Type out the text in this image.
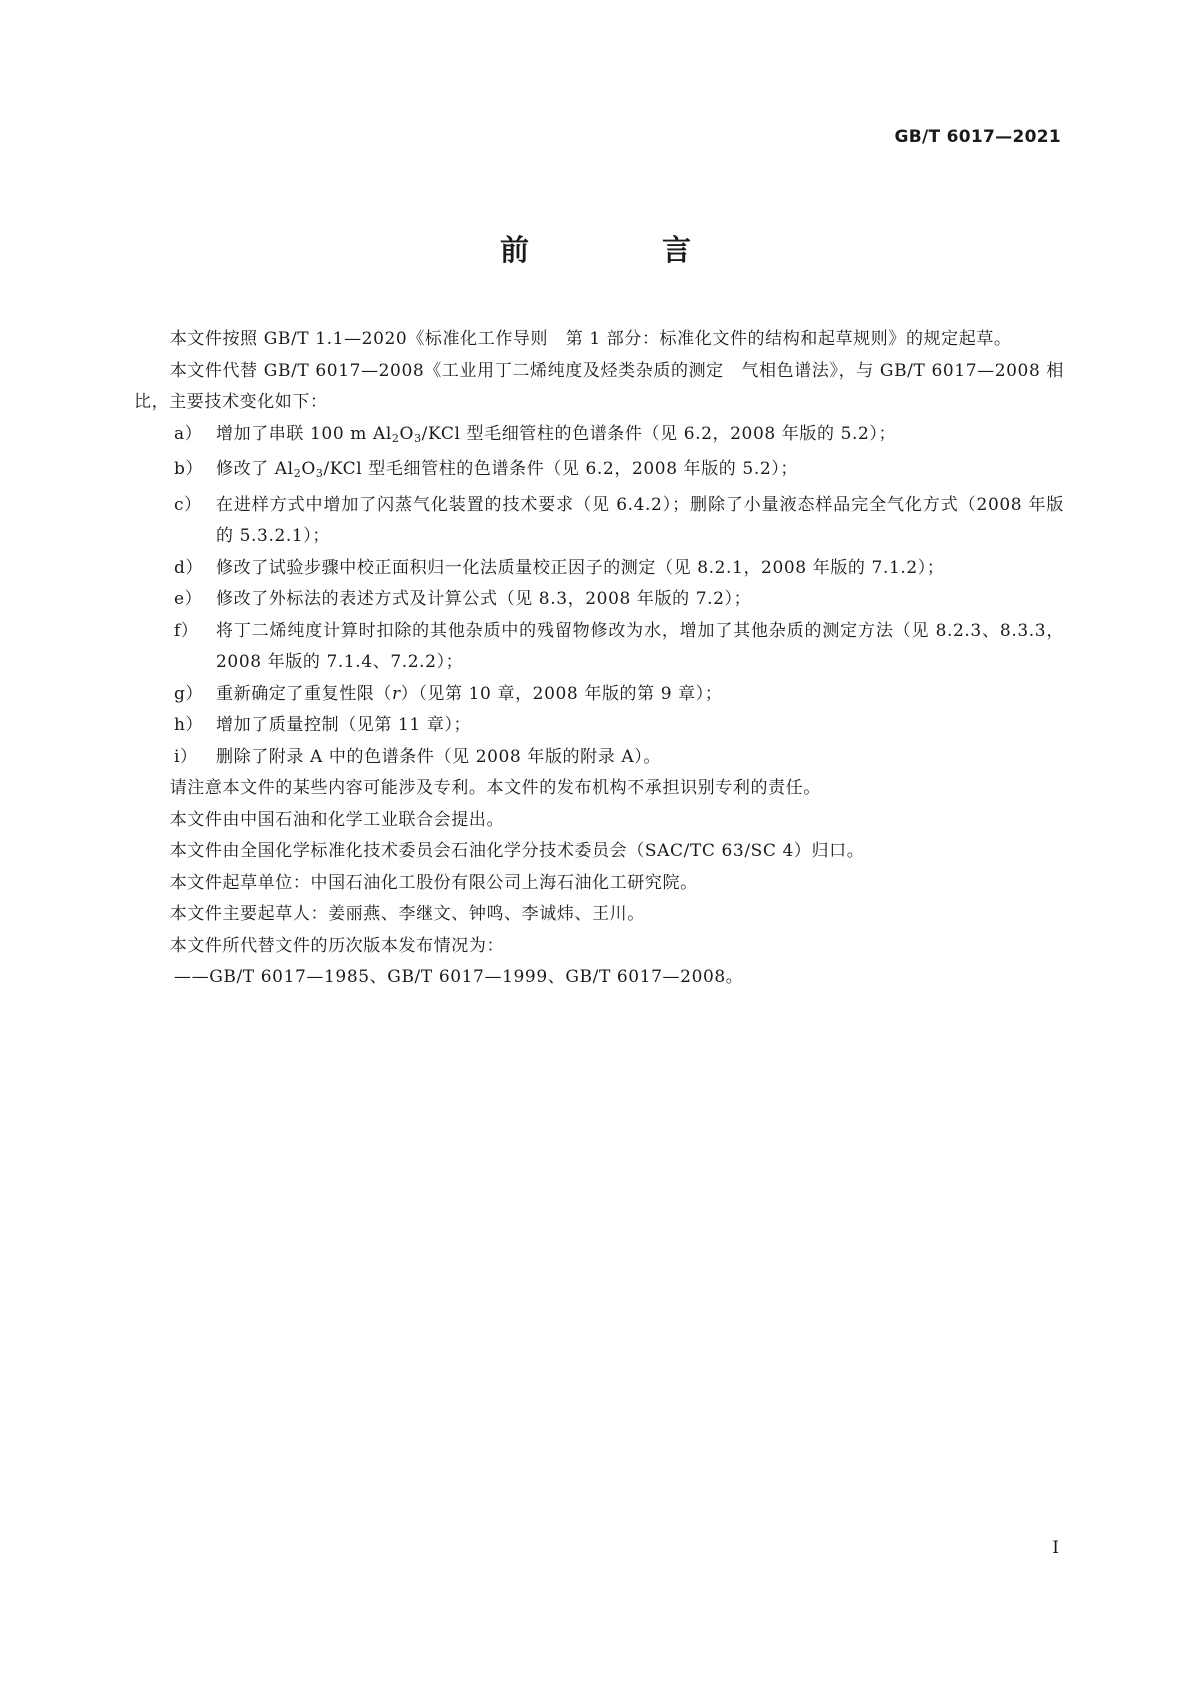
GB/T 6017—2021
前　言

本文件按照 GB/T 1.1—2020《标准化工作导则　第 1 部分：标准化文件的结构和起草规则》的规定起草。

本文件代替 GB/T 6017—2008《工业用丁二烯纯度及烃类杂质的测定　气相色谱法》，与 GB/T 6017—2008 相比，主要技术变化如下：

a） 增加了串联 100 m $Al_2O_3$/KCl 型毛细管柱的色谱条件（见 6.2，2008 年版的 5.2）；

b） 修改了 $Al_2O_3$/KCl 型毛细管柱的色谱条件（见 6.2，2008 年版的 5.2）；

c） 在进样方式中增加了闪蒸气化装置的技术要求（见 6.4.2）；删除了小量液态样品完全气化方式（2008 年版的 5.3.2.1）；

d） 修改了试验步骤中校正面积归一化法质量校正因子的测定（见 8.2.1，2008 年版的 7.1.2）；

e） 修改了外标法的表述方式及计算公式（见 8.3，2008 年版的 7.2）；

f） 将丁二烯纯度计算时扣除的其他杂质中的残留物修改为水，增加了其他杂质的测定方法（见 8.2.3、8.3.3，2008 年版的 7.1.4、7.2.2）；

g） 重新确定了重复性限（r）（见第 10 章，2008 年版的第 9 章）；

h） 增加了质量控制（见第 11 章）；

i） 删除了附录 A 中的色谱条件（见 2008 年版的附录 A）。

请注意本文件的某些内容可能涉及专利。本文件的发布机构不承担识别专利的责任。

本文件由中国石油和化学工业联合会提出。

本文件由全国化学标准化技术委员会石油化学分技术委员会（SAC/TC 63/SC 4）归口。

本文件起草单位：中国石油化工股份有限公司上海石油化工研究院。

本文件主要起草人：姜丽燕、李继文、钟鸣、李诚炜、王川。

本文件所代替文件的历次版本发布情况为：

——GB/T 6017—1985、GB/T 6017—1999、GB/T 6017—2008。

I
